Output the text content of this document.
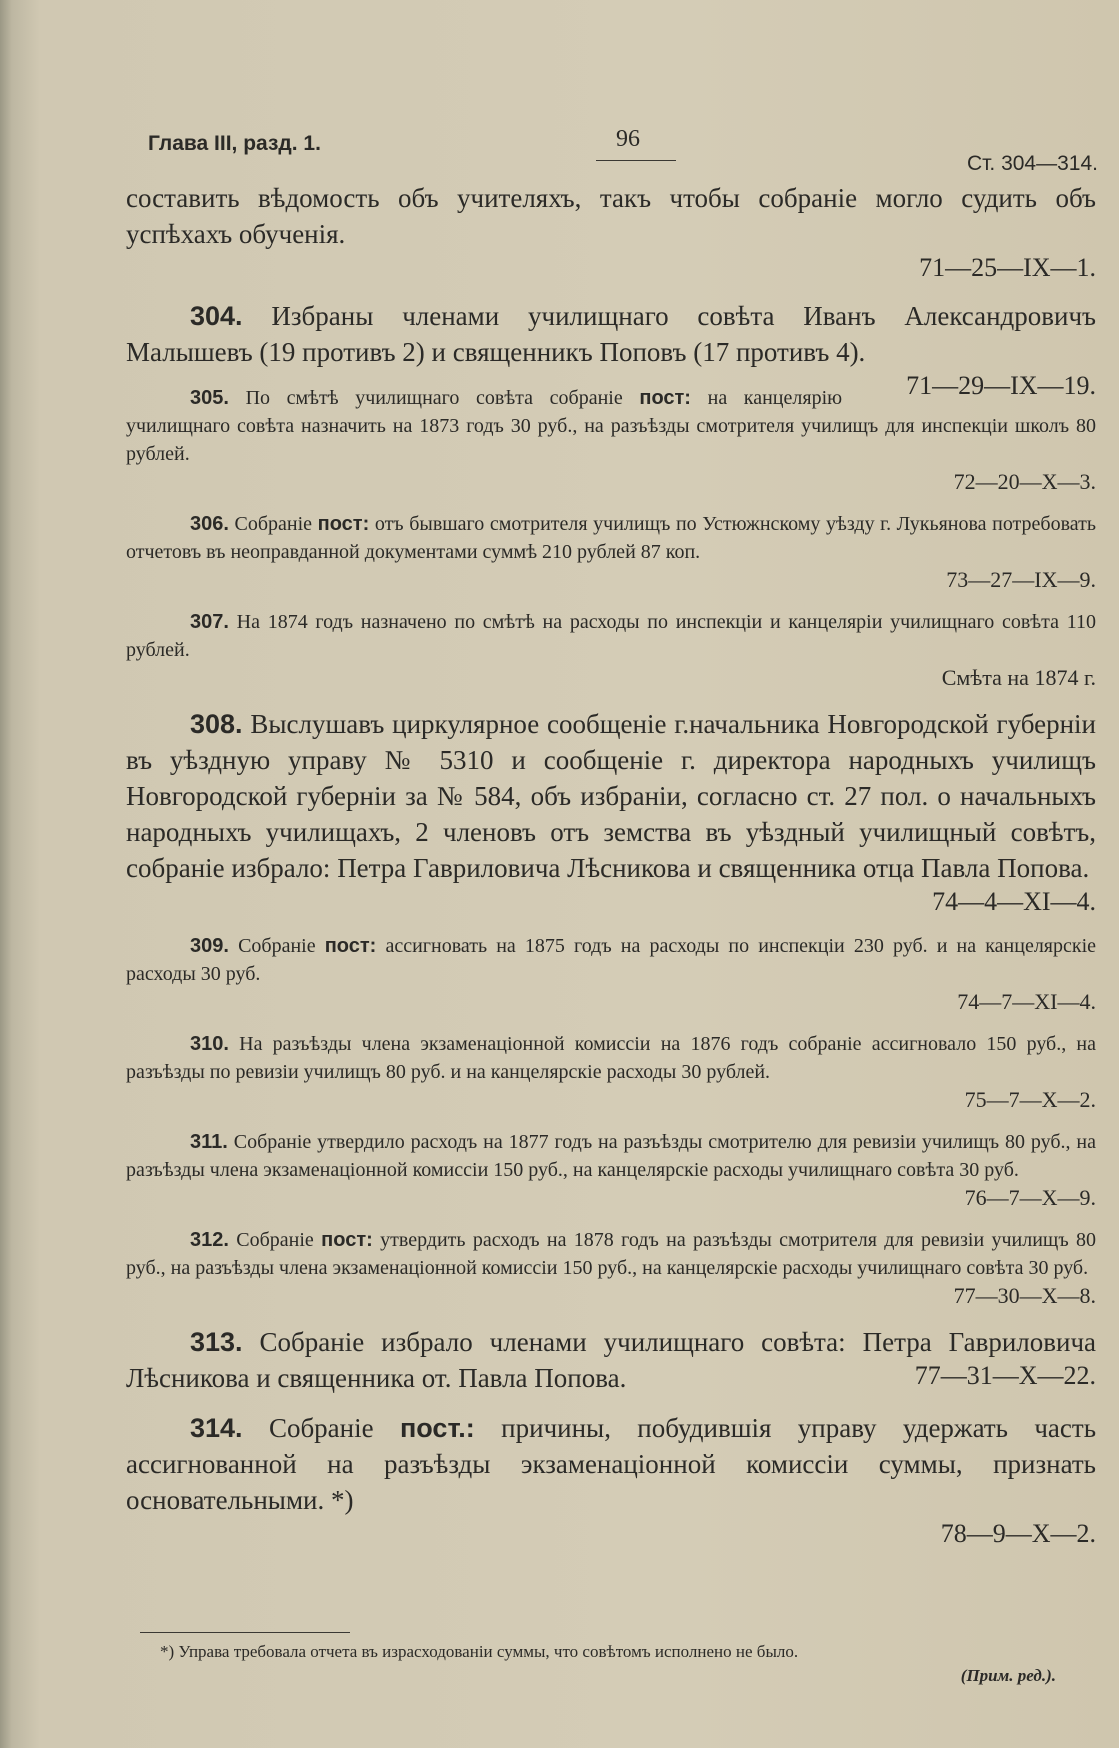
Глава III, разд. 1.	96
Ст. 304—314.
составить вѣдомость объ учителяхъ, такъ чтобы собраніе могло судить объ успѣхахъ обученія.
71—25—IX—1.
304. Избраны членами училищнаго совѣта Иванъ Александровичъ Малышевъ (19 противъ 2) и священникъ Поповъ (17 противъ 4).
71—29—IX—19.
305. По смѣтѣ училищнаго совѣта собраніе пост: на канцелярію училищнаго совѣта назначить на 1873 годъ 30 руб., на разъѣзды смотрителя училищъ для инспекціи школъ 80 рублей.
72—20—X—3.
306. Собраніе пост: отъ бывшаго смотрителя училищъ по Устюжнскому уѣзду г. Лукьянова потребовать отчетовъ въ неоправданной документами суммѣ 210 рублей 87 коп.
73—27—IX—9.
307. На 1874 годъ назначено по смѣтѣ на расходы по инспекціи и канцеляріи училищнаго совѣта 110 рублей.
Смѣта на 1874 г.
308. Выслушавъ циркулярное сообщеніе г.начальника Новгородской губерніи въ уѣздную управу № 5310 и сообщеніе г. директора народныхъ училищъ Новгородской губерніи за № 584, объ избраніи, согласно ст. 27 пол. о начальныхъ народныхъ училищахъ, 2 членовъ отъ земства въ уѣздный училищный совѣтъ, собраніе избрало: Петра Гавриловича Лѣсникова и священника отца Павла Попова.
74—4—XI—4.
309. Собраніе пост: ассигновать на 1875 годъ на расходы по инспекціи 230 руб. и на канцелярскіе расходы 30 руб.
74—7—XI—4.
310. На разъѣзды члена экзаменаціонной комиссіи на 1876 годъ собраніе ассигновало 150 руб., на разъѣзды по ревизіи училищъ 80 руб. и на канцелярскіе расходы 30 рублей.
75—7—X—2.
311. Собраніе утвердило расходъ на 1877 годъ на разъѣзды смотрителю для ревизіи училищъ 80 руб., на разъѣзды члена экзаменаціонной комиссіи 150 руб., на канцелярскіе расходы училищнаго совѣта 30 руб.
76—7—X—9.
312. Собраніе пост: утвердить расходъ на 1878 годъ на разъѣзды смотрителя для ревизіи училищъ 80 руб., на разъѣзды члена экзаменаціонной комиссіи 150 руб., на канцелярскіе расходы училищнаго совѣта 30 руб.
77—30—X—8.
313. Собраніе избрало членами училищнаго совѣта: Петра Гавриловича Лѣсникова и священника от. Павла Попова.	77—31—X—22.
314. Собраніе пост.: причины, побудившія управу удержать часть ассигнованной на разъѣзды экзаменаціонной комиссіи суммы, признать основательными. *)
78—9—X—2.
*) Управа требовала отчета въ израсходованіи суммы, что совѣтомъ исполнено не было.
(Прим. ред.).
